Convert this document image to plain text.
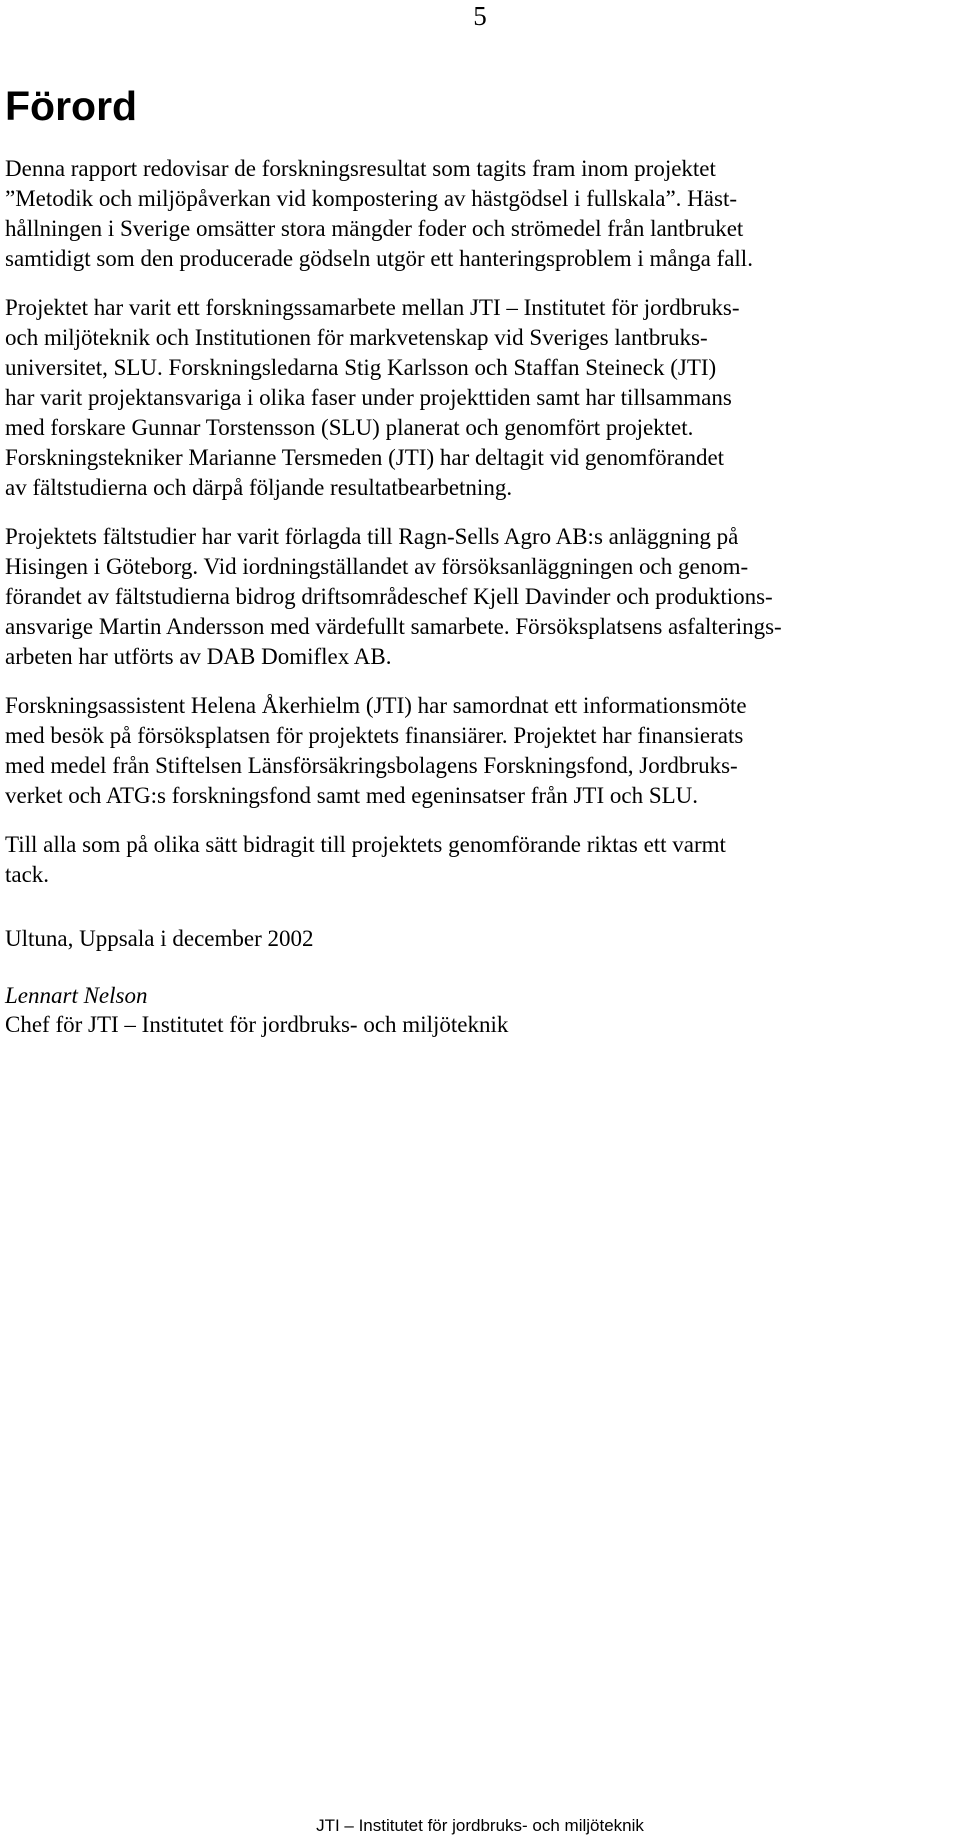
5
Förord

Denna rapport redovisar de forskningsresultat som tagits fram inom projektet
”Metodik och miljöpåverkan vid kompostering av hästgödsel i fullskala”. Häst-
hållningen i Sverige omsätter stora mängder foder och strömedel från lantbruket
samtidigt som den producerade gödseln utgör ett hanteringsproblem i många fall.

Projektet har varit ett forskningssamarbete mellan JTI – Institutet för jordbruks-
och miljöteknik och Institutionen för markvetenskap vid Sveriges lantbruks-
universitet, SLU. Forskningsledarna Stig Karlsson och Staffan Steineck (JTI)
har varit projektansvariga i olika faser under projekttiden samt har tillsammans
med forskare Gunnar Torstensson (SLU) planerat och genomfört projektet.
Forskningstekniker Marianne Tersmeden (JTI) har deltagit vid genomförandet
av fältstudierna och därpå följande resultatbearbetning.

Projektets fältstudier har varit förlagda till Ragn-Sells Agro AB:s anläggning på
Hisingen i Göteborg. Vid iordningställandet av försöksanläggningen och genom-
förandet av fältstudierna bidrog driftsområdeschef Kjell Davinder och produktions-
ansvarige Martin Andersson med värdefullt samarbete. Försöksplatsens asfalterings-
arbeten har utförts av DAB Domiflex AB.

Forskningsassistent Helena Åkerhielm (JTI) har samordnat ett informationsmöte
med besök på försöksplatsen för projektets finansiärer. Projektet har finansierats
med medel från Stiftelsen Länsförsäkringsbolagens Forskningsfond, Jordbruks-
verket och ATG:s forskningsfond samt med egeninsatser från JTI och SLU.

Till alla som på olika sätt bidragit till projektets genomförande riktas ett varmt
tack.

Ultuna, Uppsala i december 2002
Lennart Nelson
Chef för JTI – Institutet för jordbruks- och miljöteknik
JTI – Institutet för jordbruks- och miljöteknik
